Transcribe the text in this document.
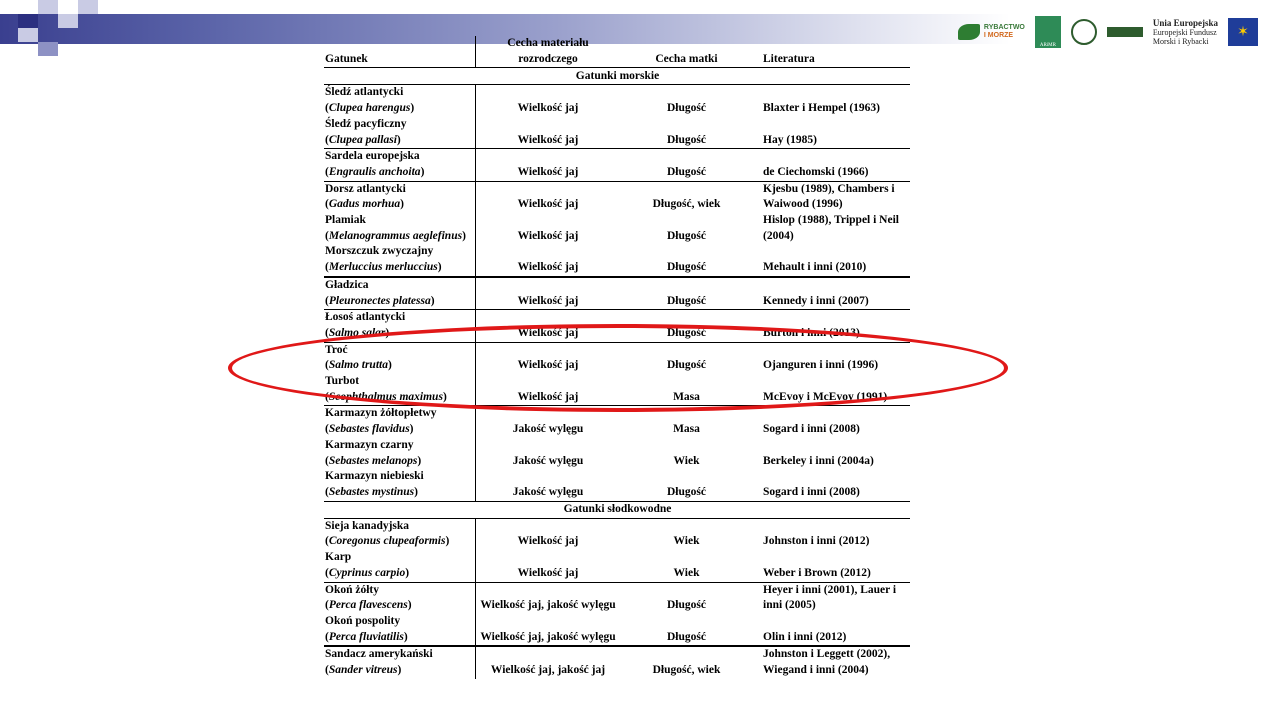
RYBACTWO
I MORZE
ARiMR
Unia Europejska
Europejski Fundusz
Morski i Rybacki
✶
Gatunek	Cecha materiału rozrodczego	Cecha matki	Literatura
Gatunki morskie			

Śledź atlantycki
(Clupea harengus)	Wielkość jaj	Długość	Blaxter i Hempel (1963)

Śledź pacyficzny
(Clupea pallasi)	Wielkość jaj	Długość	Hay (1985)

Sardela europejska
(Engraulis anchoita)	Wielkość jaj	Długość	de Ciechomski (1966)

Dorsz atlantycki
(Gadus morhua)	Wielkość jaj	Długość, wiek	Kjesbu (1989), Chambers i Waiwood (1996)

Plamiak
(Melanogrammus aeglefinus)	Wielkość jaj	Długość	Hislop (1988), Trippel i Neil (2004)

Morszczuk zwyczajny
(Merluccius merluccius)	Wielkość jaj	Długość	Mehault i inni (2010)

Gładzica
(Pleuronectes platessa)	Wielkość jaj	Długość	Kennedy i inni (2007)

Łosoś atlantycki
(Salmo salar)	Wielkość jaj	Długość	Burton i inni (2013)

Troć
(Salmo trutta)	Wielkość jaj	Długość	Ojanguren i inni (1996)

Turbot
(Scophthalmus maximus)	Wielkość jaj	Masa	McEvoy i McEvoy (1991)

Karmazyn żółtopłetwy
(Sebastes flavidus)	Jakość wylęgu	Masa	Sogard i inni (2008)

Karmazyn czarny
(Sebastes melanops)	Jakość wylęgu	Wiek	Berkeley i inni (2004a)

Karmazyn niebieski
(Sebastes mystinus)	Jakość wylęgu	Długość	Sogard i inni (2008)
Gatunki słodkowodne			

Sieja kanadyjska
(Coregonus clupeaformis)	Wielkość jaj	Wiek	Johnston i inni (2012)

Karp
(Cyprinus carpio)	Wielkość jaj	Wiek	Weber i Brown (2012)

Okoń żółty
(Perca flavescens)	Wielkość jaj, jakość wylęgu	Długość	Heyer i inni (2001), Lauer i inni (2005)

Okoń pospolity
(Perca fluviatilis)	Wielkość jaj, jakość wylęgu	Długość	Olin i inni (2012)

Sandacz amerykański
(Sander vitreus)	Wielkość jaj, jakość jaj	Długość, wiek	Johnston i Leggett (2002), Wiegand i inni (2004)
